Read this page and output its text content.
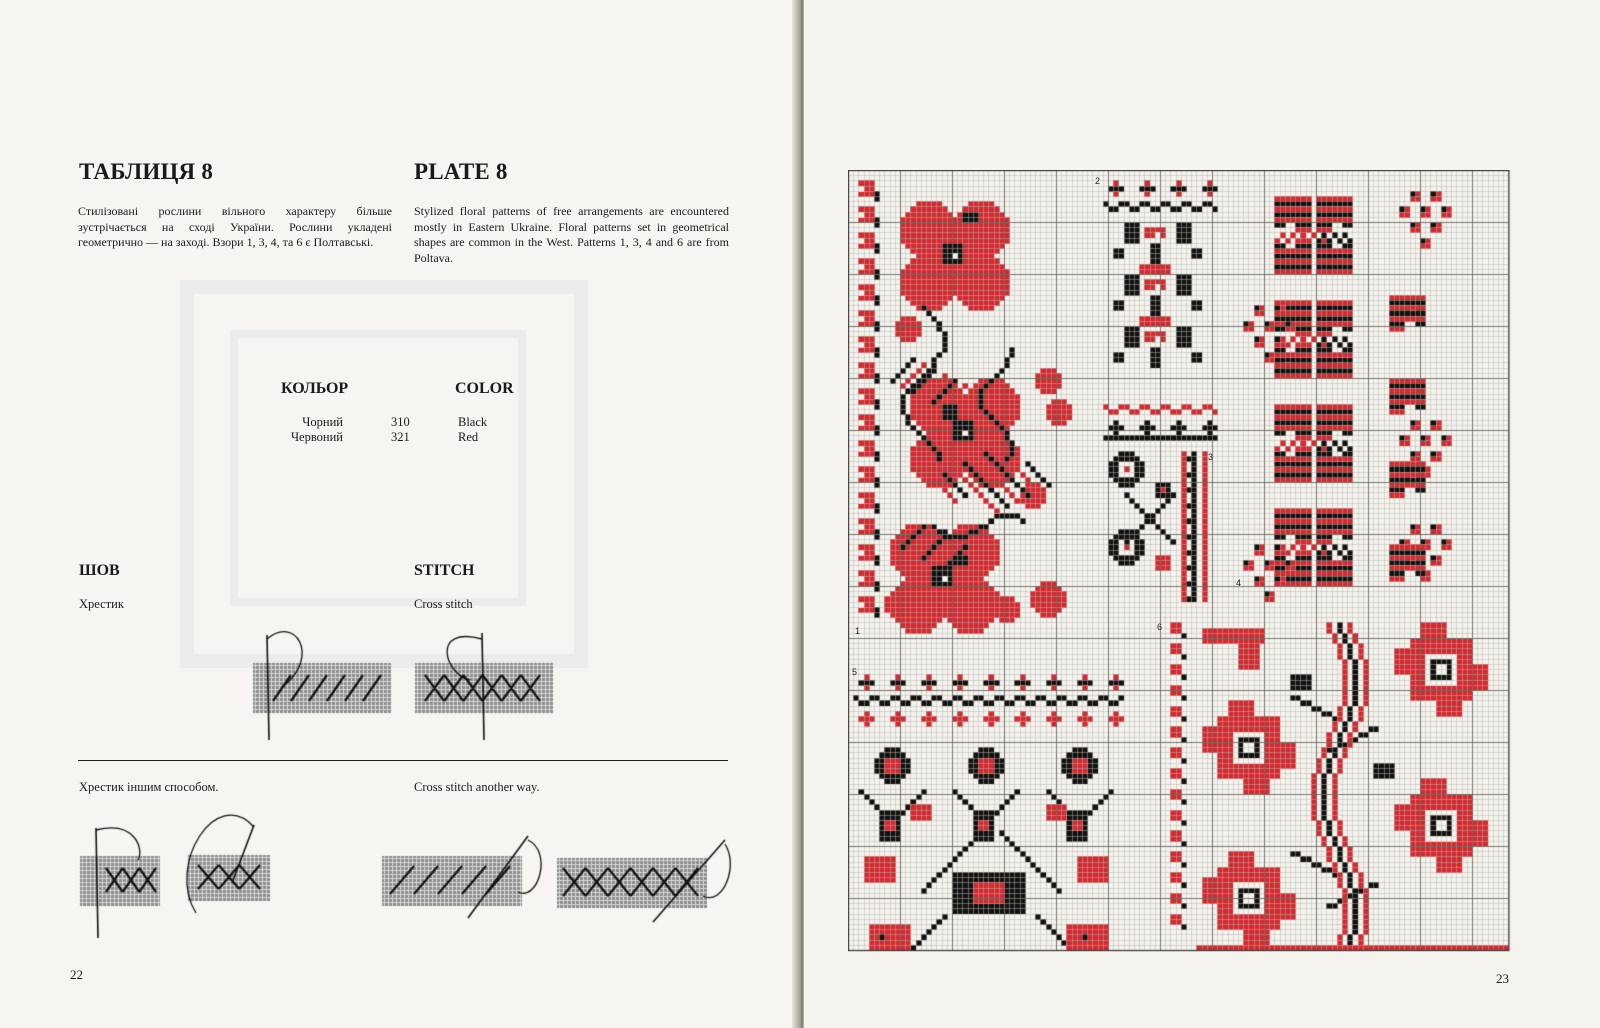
ТАБЛИЦЯ 8	PLATE 8

Стилізовані рослини вільного характеру більше зустрічається на сході України. Рослини укладені геометрично — на заході. Взори 1, 3, 4, та 6 є Полтавські.

Stylized floral patterns of free arrangements are encountered mostly in Eastern Ukraine. Floral patterns set in geometrical shapes are common in the West. Patterns 1, 3, 4 and 6 are from Poltava.

КОЛЬОР	COLOR
Чорний	310	Black
Червоний	321	Red
ШОВ	STITCH
Хрестик	Cross stitch
Хрестик іншим способом.	Cross stitch another way.
22
1
2
3
4
5
6
23
